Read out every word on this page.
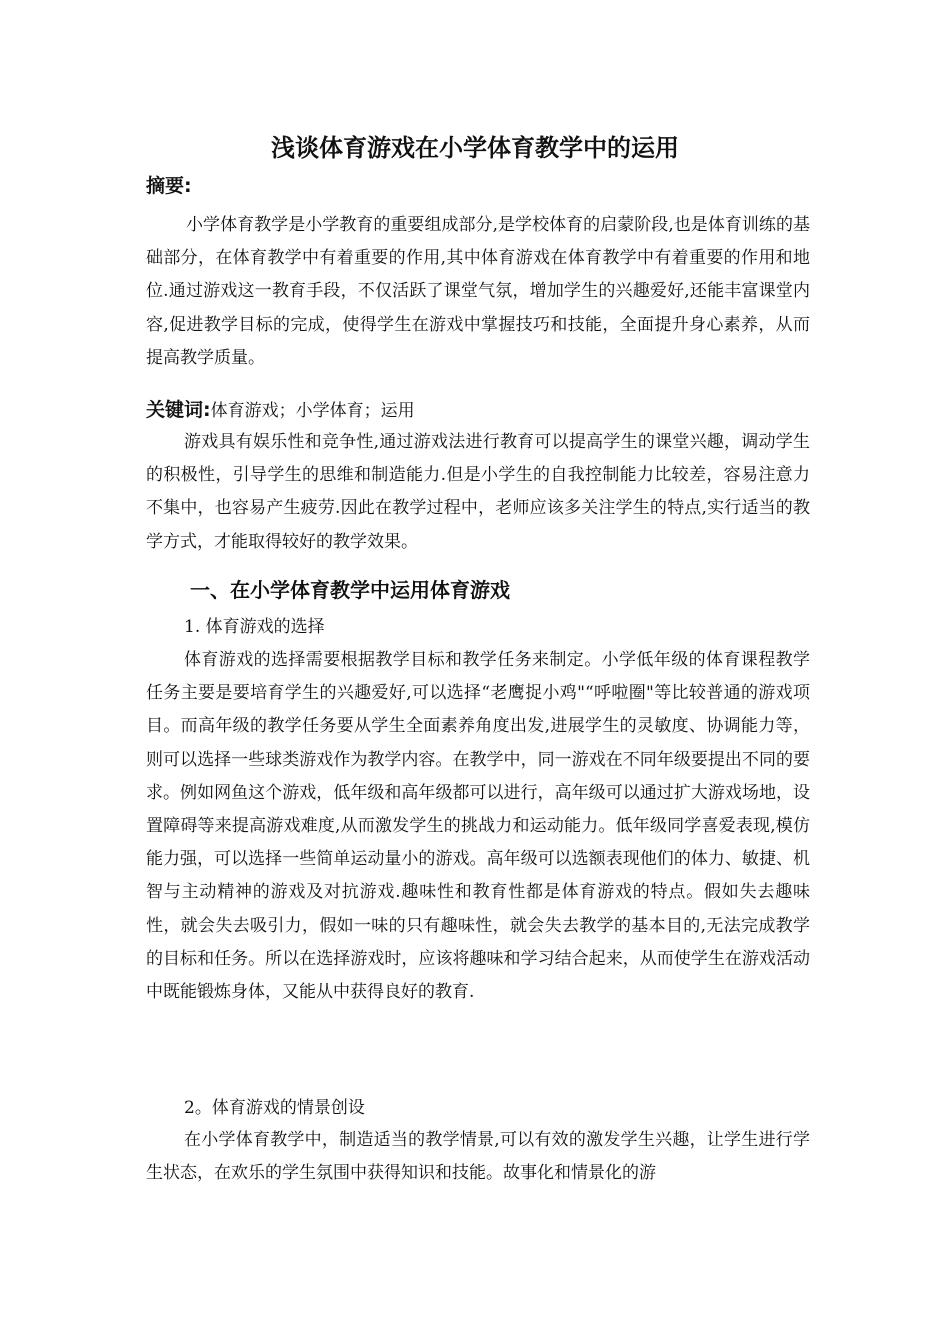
浅谈体育游戏在小学体育教学中的运用
摘要:

小学体育教学是小学教育的重要组成部分,是学校体育的启蒙阶段,也是体育训练的基础部分，在体育教学中有着重要的作用,其中体育游戏在体育教学中有着重要的作用和地位.通过游戏这一教育手段，不仅活跃了课堂气氛，增加学生的兴趣爱好,还能丰富课堂内容,促进教学目标的完成，使得学生在游戏中掌握技巧和技能，全面提升身心素养，从而提高教学质量。

关键词:体育游戏；小学体育；运用

游戏具有娱乐性和竞争性,通过游戏法进行教育可以提高学生的课堂兴趣，调动学生的积极性，引导学生的思维和制造能力.但是小学生的自我控制能力比较差，容易注意力不集中，也容易产生疲劳.因此在教学过程中，老师应该多关注学生的特点,实行适当的教学方式，才能取得较好的教学效果。

一、在小学体育教学中运用体育游戏
1. 体育游戏的选择

体育游戏的选择需要根据教学目标和教学任务来制定。小学低年级的体育课程教学任务主要是要培育学生的兴趣爱好,可以选择“老鹰捉小鸡"“呼啦圈"等比较普通的游戏项目。而高年级的教学任务要从学生全面素养角度出发,进展学生的灵敏度、协调能力等，则可以选择一些球类游戏作为教学内容。在教学中，同一游戏在不同年级要提出不同的要求。例如网鱼这个游戏，低年级和高年级都可以进行，高年级可以通过扩大游戏场地，设置障碍等来提高游戏难度,从而激发学生的挑战力和运动能力。低年级同学喜爱表现,模仿能力强，可以选择一些简单运动量小的游戏。高年级可以选额表现他们的体力、敏捷、机智与主动精神的游戏及对抗游戏.趣味性和教育性都是体育游戏的特点。假如失去趣味性，就会失去吸引力，假如一味的只有趣味性，就会失去教学的基本目的,无法完成教学的目标和任务。所以在选择游戏时，应该将趣味和学习结合起来，从而使学生在游戏活动中既能锻炼身体，又能从中获得良好的教育.

2。体育游戏的情景创设

在小学体育教学中，制造适当的教学情景,可以有效的激发学生兴趣，让学生进行学生状态，在欢乐的学生氛围中获得知识和技能。故事化和情景化的游
